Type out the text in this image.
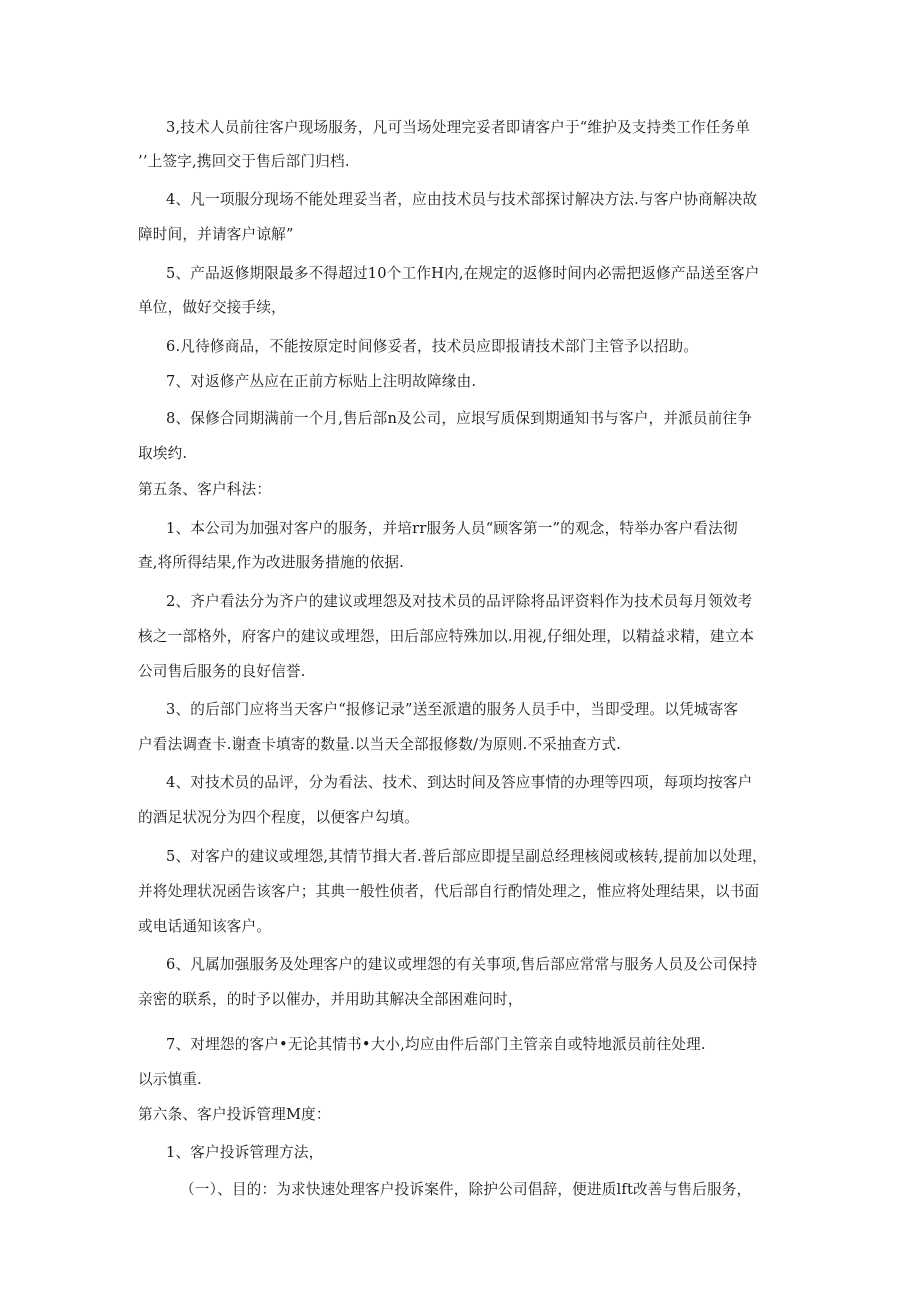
3,技术人员前往客户现场服务，凡可当场处理完妥者即请客户于“维护及支持类工作任务单
’’上签字,携回交于售后部门归档.
4、凡一项服分现场不能处理妥当者，应由技术员与技术部探讨解决方法.与客户协商解决故
障时间，并请客户谅解”
5、产品返修期限最多不得超过10个工作H内,在规定的返修时间内必需把返修产品送至客户
单位，做好交接手续，
6.凡待修商品，不能按原定时间修妥者，技术员应即报请技术部门主管予以招助。
7、对返修产丛应在正前方标贴上注明故障缘由.
8、保修合同期满前一个月,售后部n及公司，应垠写质保到期通知书与客户，并派员前往争
取埃约.
第五条、客户科法：
1、本公司为加强对客户的服务，并培rr服务人员“顾客第一”的观念，特举办客户看法彻
查,将所得结果,作为改进服务措施的依据.
2、齐户看法分为齐户的建议或埋怨及对技术员的品评除将品评资料作为技术员每月领效考
核之一部格外，府客户的建议或埋怨，田后部应特殊加以.用视,仔细处理，以精益求精，建立本
公司售后服务的良好信誉.
3、的后部门应将当天客户“报修记录”送至派遣的服务人员手中，当即受理。以凭城寄客
户看法调查卡.谢查卡填寄的数量.以当天全部报修数/为原则.不采抽查方式.
4、对技术员的品评，分为看法、技术、到达时间及答应事情的办理等四项，每项均按客户
的酒足状况分为四个程度，以便客户勾填。
5、对客户的建议或埋怨,其情节揖大者.普后部应即提呈副总经理核阅或核转,提前加以处理，
并将处理状况函告该客户；其典一般性侦者，代后部自行酌情处理之，惟应将处理结果，以书面
或电话通知该客户。
6、凡属加强服务及处理客户的建议或埋怨的有关事项,售后部应常常与服务人员及公司保持
亲密的联系，的时予以催办，并用助其解决全部困难问时，
7、对埋怨的客户•无论其情书•大小,均应由件后部门主管亲自或特地派员前往处理.
以示慎重.
第六条、客户投诉管理M度：
1、客户投诉管理方法，
（一）、目的：为求快速处理客户投诉案件，除护公司倡辞，便进质lft改善与售后服务，
